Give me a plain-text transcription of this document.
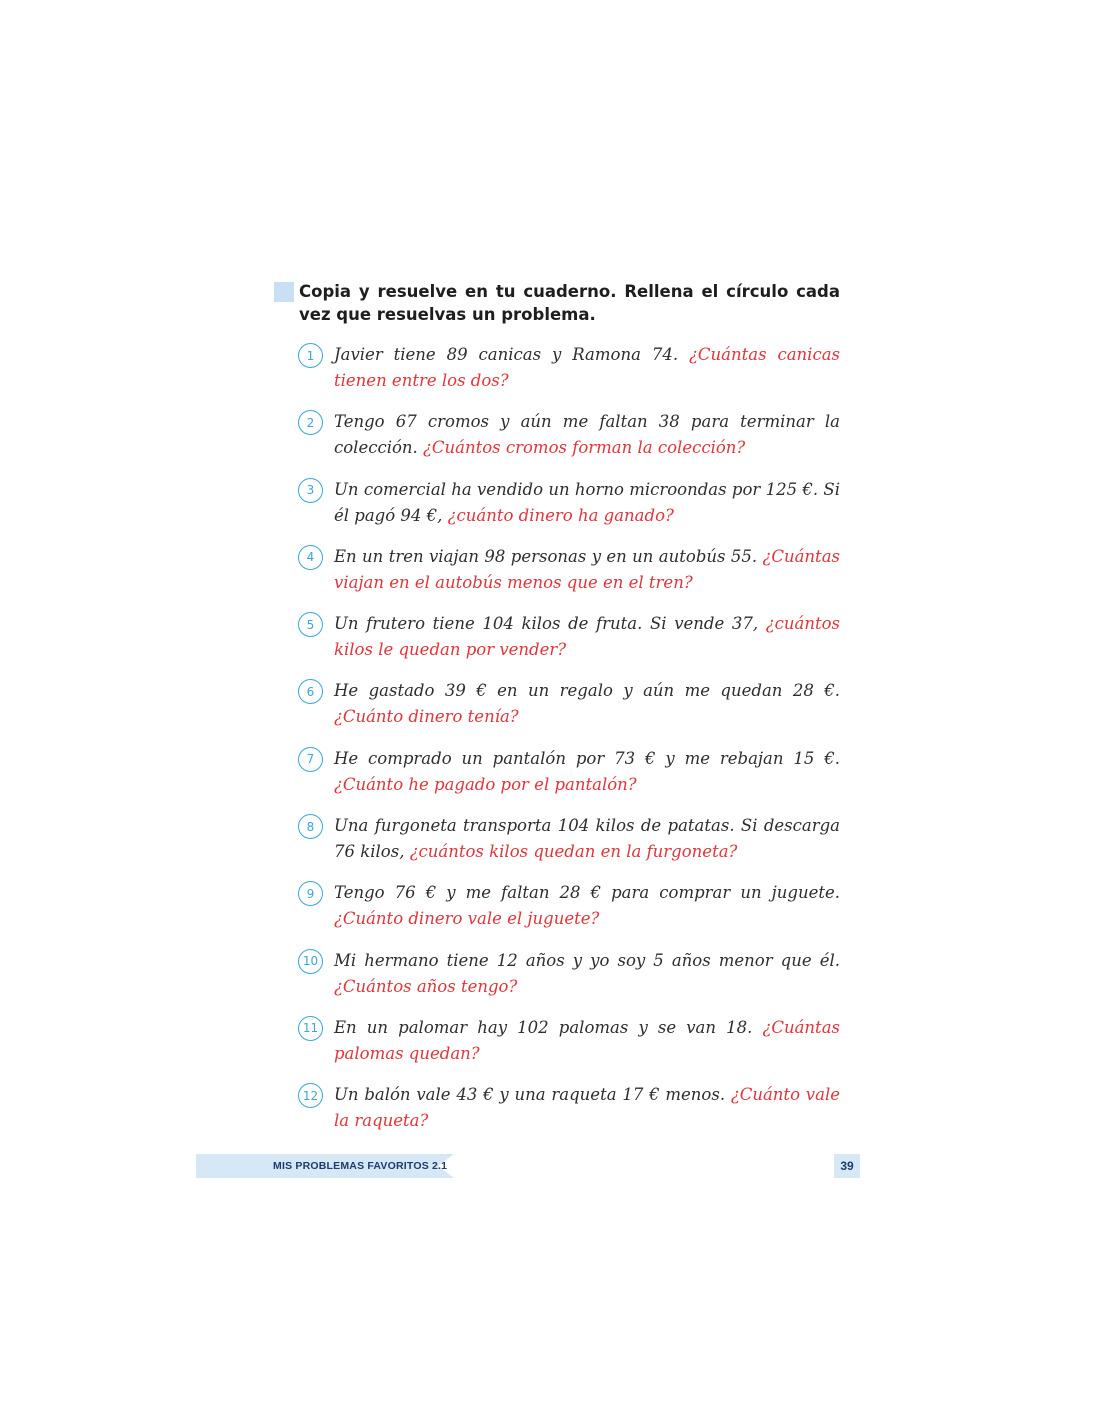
Copia y resuelve en tu cuaderno. Rellena el círculo cada vez que resuelvas un problema.
1	Javier tiene 89 canicas y Ramona 74. ¿Cuántas canicas tienen entre los dos?
2	Tengo 67 cromos y aún me faltan 38 para terminar la colección. ¿Cuántos cromos forman la colección?
3	Un comercial ha vendido un horno microondas por 125 €. Si él pagó 94 €, ¿cuánto dinero ha ganado?
4	En un tren viajan 98 personas y en un autobús 55. ¿Cuántas viajan en el autobús menos que en el tren?
5	Un frutero tiene 104 kilos de fruta. Si vende 37, ¿cuántos kilos le quedan por vender?
6	He gastado 39 € en un regalo y aún me quedan 28 €. ¿Cuánto dinero tenía?
7	He comprado un pantalón por 73 € y me rebajan 15 €. ¿Cuánto he pagado por el pantalón?
8	Una furgoneta transporta 104 kilos de patatas. Si descarga 76 kilos, ¿cuántos kilos quedan en la furgoneta?
9	Tengo 76 € y me faltan 28 € para comprar un juguete. ¿Cuánto dinero vale el juguete?
10 Mi hermano tiene 12 años y yo soy 5 años menor que él. ¿Cuántos años tengo?
11 En un palomar hay 102 palomas y se van 18. ¿Cuántas palomas quedan?
12 Un balón vale 43 € y una raqueta 17 € menos. ¿Cuánto vale la raqueta?
MIS PROBLEMAS FAVORITOS 2.1	39
